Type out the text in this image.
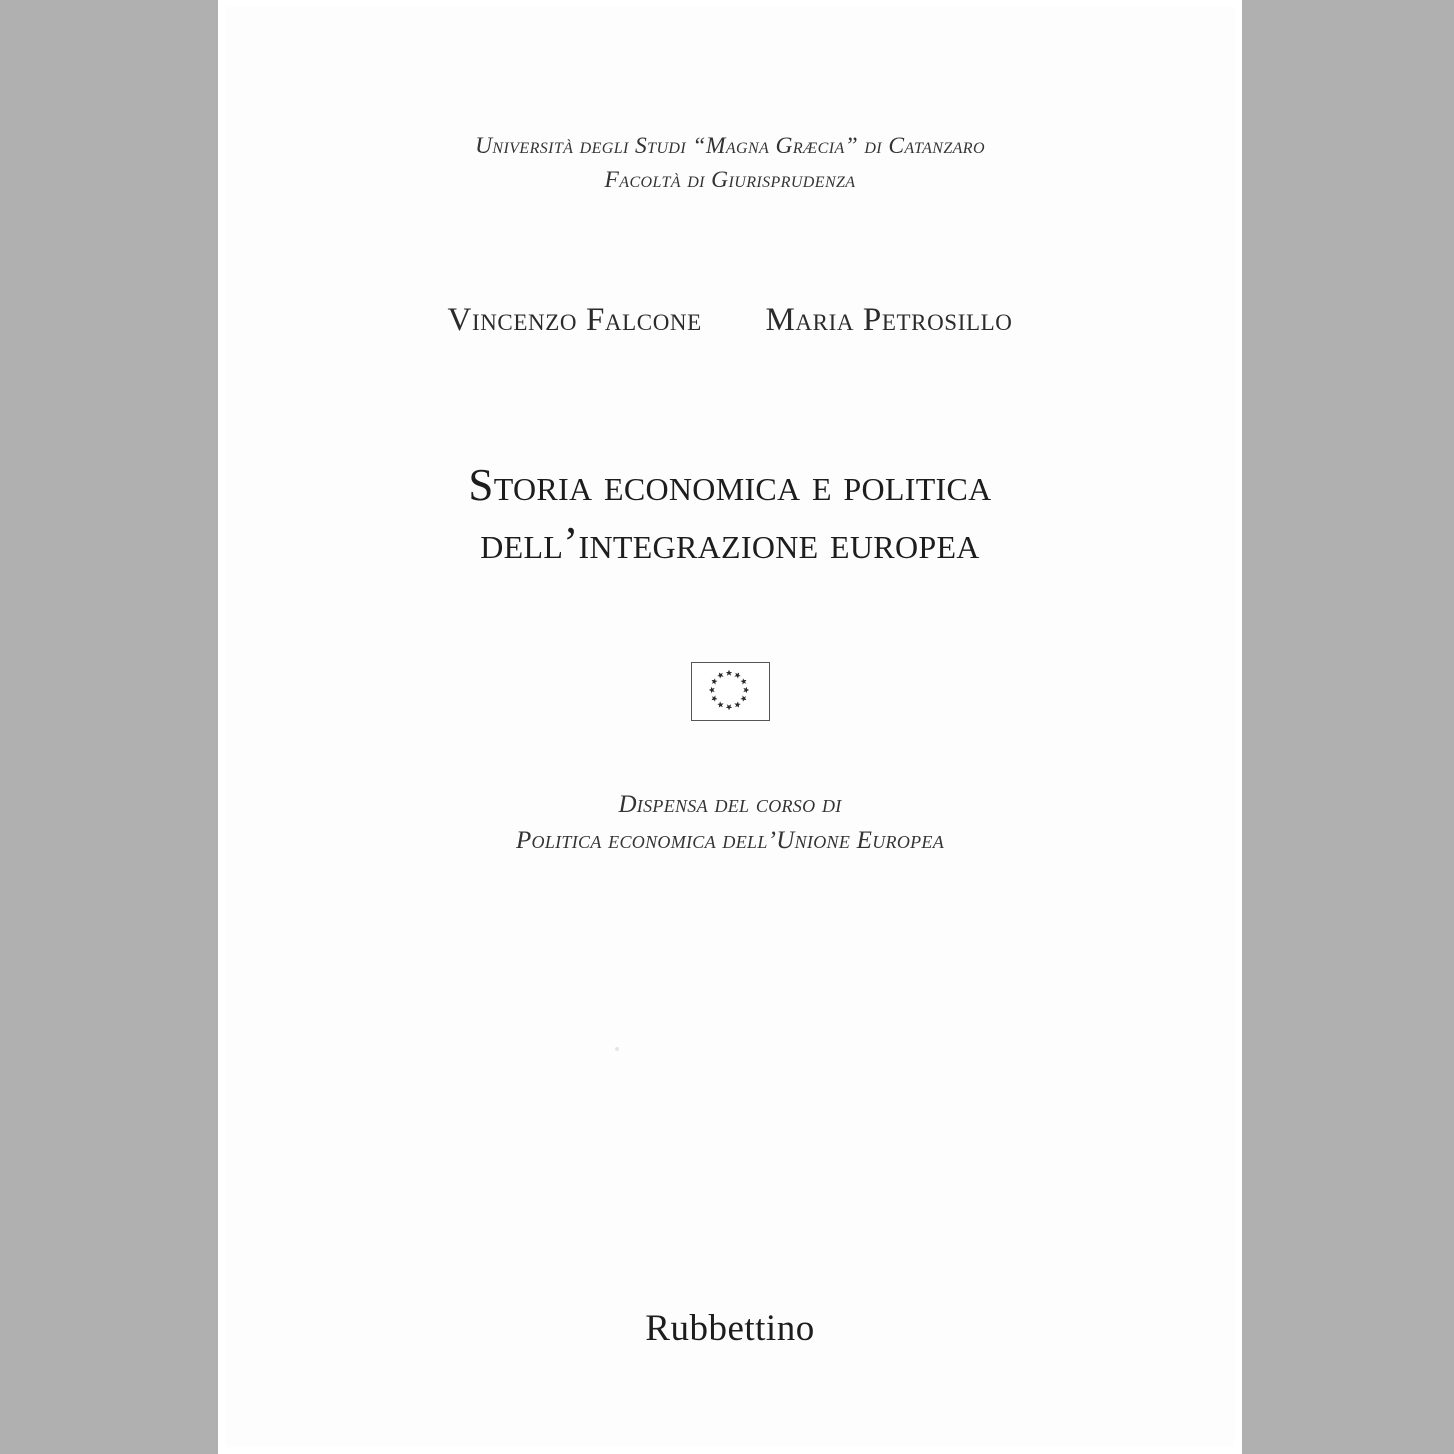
Università degli Studi “Magna Græcia” di Catanzaro
Facoltà di Giurisprudenza
Vincenzo Falcone Maria Petrosillo
Storia economica e politica
dell’integrazione europea
Dispensa del corso di
Politica economica dell’Unione Europea
Rubbettino
